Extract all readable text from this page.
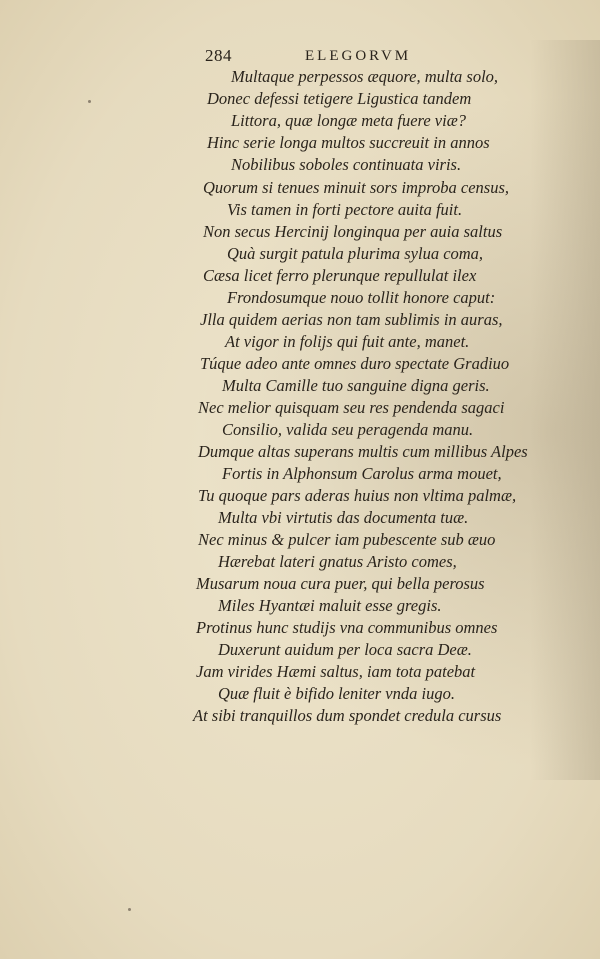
284	ELEGORVM
Multaque perpessos æquore, multa solo,
Donec defessi tetigere Ligustica tandem
Littora, quæ longæ meta fuere viæ?
Hinc serie longa multos succreuit in annos
Nobilibus soboles continuata viris.
Quorum si tenues minuit sors improba census,
Vis tamen in forti pectore auita fuit.
Non secus Hercinij longinqua per auia saltus
Quà surgit patula plurima sylua coma,
Cæsa licet ferro plerunque repullulat ilex
Frondosumque nouo tollit honore caput:
Jlla quidem aerias non tam sublimis in auras,
At vigor in folijs qui fuit ante, manet.
Túque adeo ante omnes duro spectate Gradiuo
Multa Camille tuo sanguine digna geris.
Nec melior quisquam seu res pendenda sagaci
Consilio, valida seu peragenda manu.
Dumque altas superans multis cum millibus Alpes
Fortis in Alphonsum Carolus arma mouet,
Tu quoque pars aderas huius non vltima palmæ,
Multa vbi virtutis das documenta tuæ.
Nec minus & pulcer iam pubescente sub æuo
Hærebat lateri gnatus Aristo comes,
Musarum noua cura puer, qui bella perosus
Miles Hyantæi maluit esse gregis.
Protinus hunc studijs vna communibus omnes
Duxerunt auidum per loca sacra Deæ.
Jam virides Hæmi saltus, iam tota patebat
Quæ fluit è bifido leniter vnda iugo.
At sibi tranquillos dum spondet credula cursus
